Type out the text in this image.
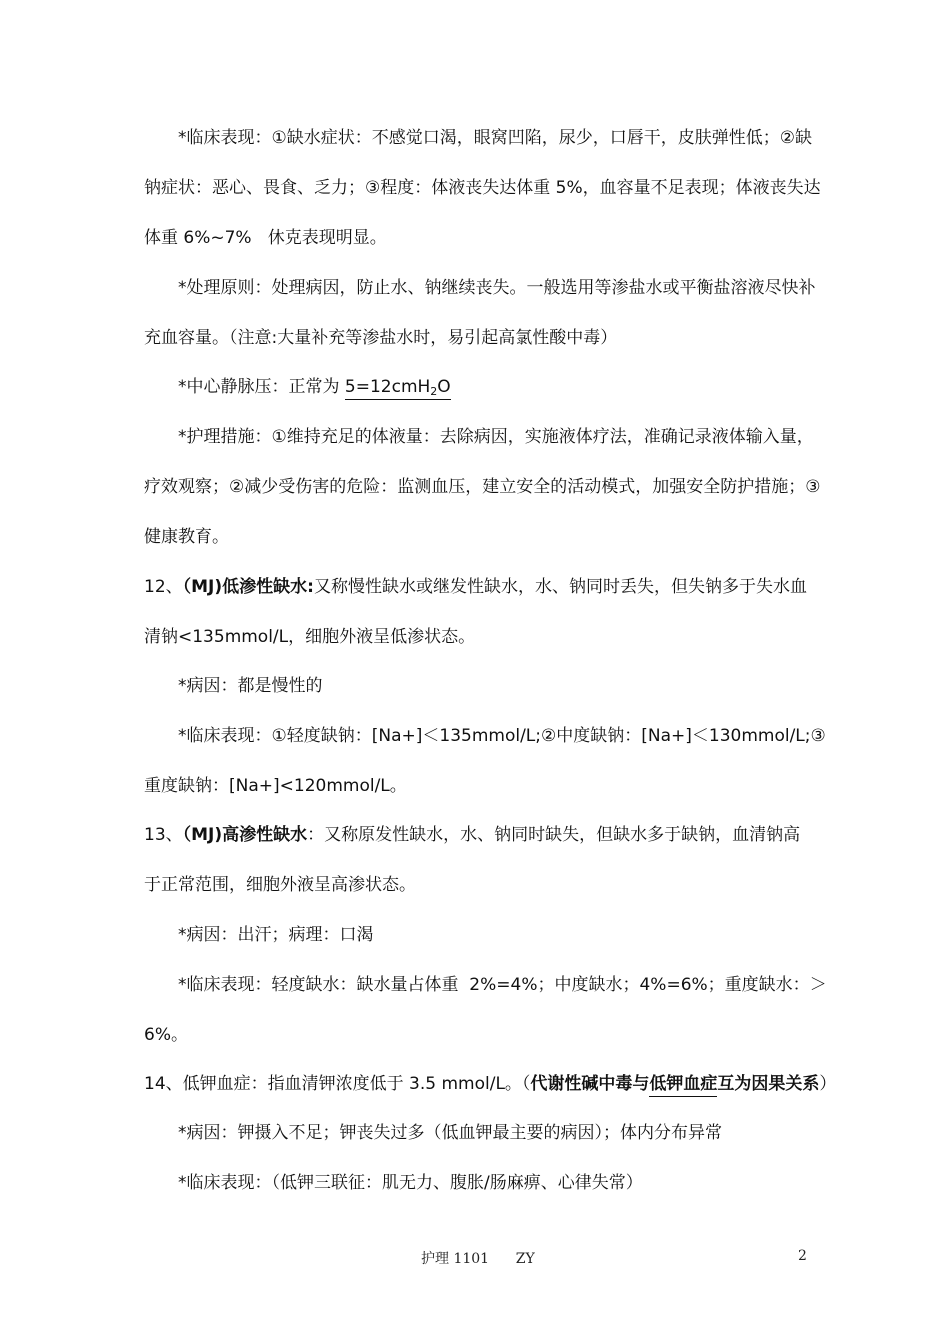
*临床表现：①缺水症状：不感觉口渴，眼窝凹陷，尿少，口唇干，皮肤弹性低；②缺
钠症状：恶心、畏食、乏力；③程度：体液丧失达体重 5%，血容量不足表现；体液丧失达
体重 6%~7%   休克表现明显。
*处理原则：处理病因，防止水、钠继续丧失。一般选用等渗盐水或平衡盐溶液尽快补
充血容量。（注意:大量补充等渗盐水时，易引起高氯性酸中毒）
*中心静脉压：正常为 5=12cmH$_2$O
*护理措施：①维持充足的体液量：去除病因，实施液体疗法，准确记录液体输入量，
疗效观察；②减少受伤害的危险：监测血压，建立安全的活动模式，加强安全防护措施；③
健康教育。
12、（MJ)低渗性缺水:又称慢性缺水或继发性缺水，水、钠同时丢失，但失钠多于失水血
清钠<135mmol/L，细胞外液呈低渗状态。
*病因：都是慢性的
*临床表现：①轻度缺钠：[Na+]＜135mmol/L;②中度缺钠：[Na+]＜130mmol/L;③
重度缺钠：[Na+]<120mmol/L。
13、（MJ)高渗性缺水：又称原发性缺水，水、钠同时缺失，但缺水多于缺钠，血清钠高
于正常范围，细胞外液呈高渗状态。
*病因：出汗；病理：口渴
*临床表现：轻度缺水：缺水量占体重  2%=4%；中度缺水；4%=6%；重度缺水：＞
6%。
14、低钾血症：指血清钾浓度低于 3.5 mmol/L。（代谢性碱中毒与低钾血症互为因果关系）
*病因：钾摄入不足；钾丧失过多（低血钾最主要的病因）；体内分布异常
*临床表现：（低钾三联征：肌无力、腹胀/肠麻痹、心律失常）
护理 1101      ZY	2
